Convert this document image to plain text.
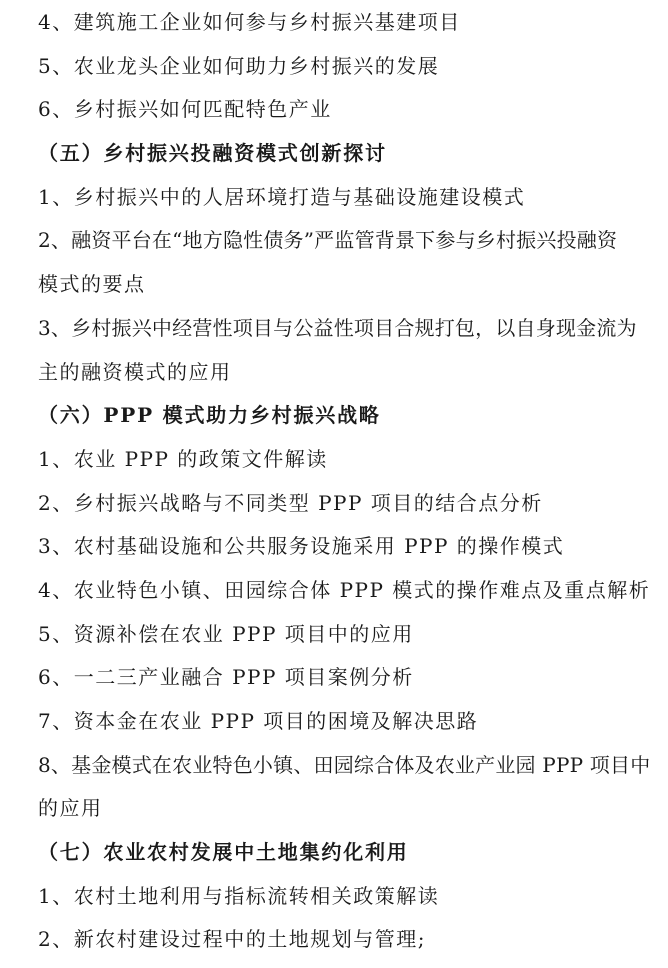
4、建筑施工企业如何参与乡村振兴基建项目
5、农业龙头企业如何助力乡村振兴的发展
6、乡村振兴如何匹配特色产业
（五）乡村振兴投融资模式创新探讨
1、乡村振兴中的人居环境打造与基础设施建设模式
2、融资平台在“地方隐性债务”严监管背景下参与乡村振兴投融资
模式的要点
3、乡村振兴中经营性项目与公益性项目合规打包，以自身现金流为
主的融资模式的应用
（六）PPP 模式助力乡村振兴战略
1、农业 PPP 的政策文件解读
2、乡村振兴战略与不同类型 PPP 项目的结合点分析
3、农村基础设施和公共服务设施采用 PPP 的操作模式
4、农业特色小镇、田园综合体 PPP 模式的操作难点及重点解析
5、资源补偿在农业 PPP 项目中的应用
6、一二三产业融合 PPP 项目案例分析
7、资本金在农业 PPP 项目的困境及解决思路
8、基金模式在农业特色小镇、田园综合体及农业产业园 PPP 项目中
的应用
（七）农业农村发展中土地集约化利用
1、农村土地利用与指标流转相关政策解读
2、新农村建设过程中的土地规划与管理;
